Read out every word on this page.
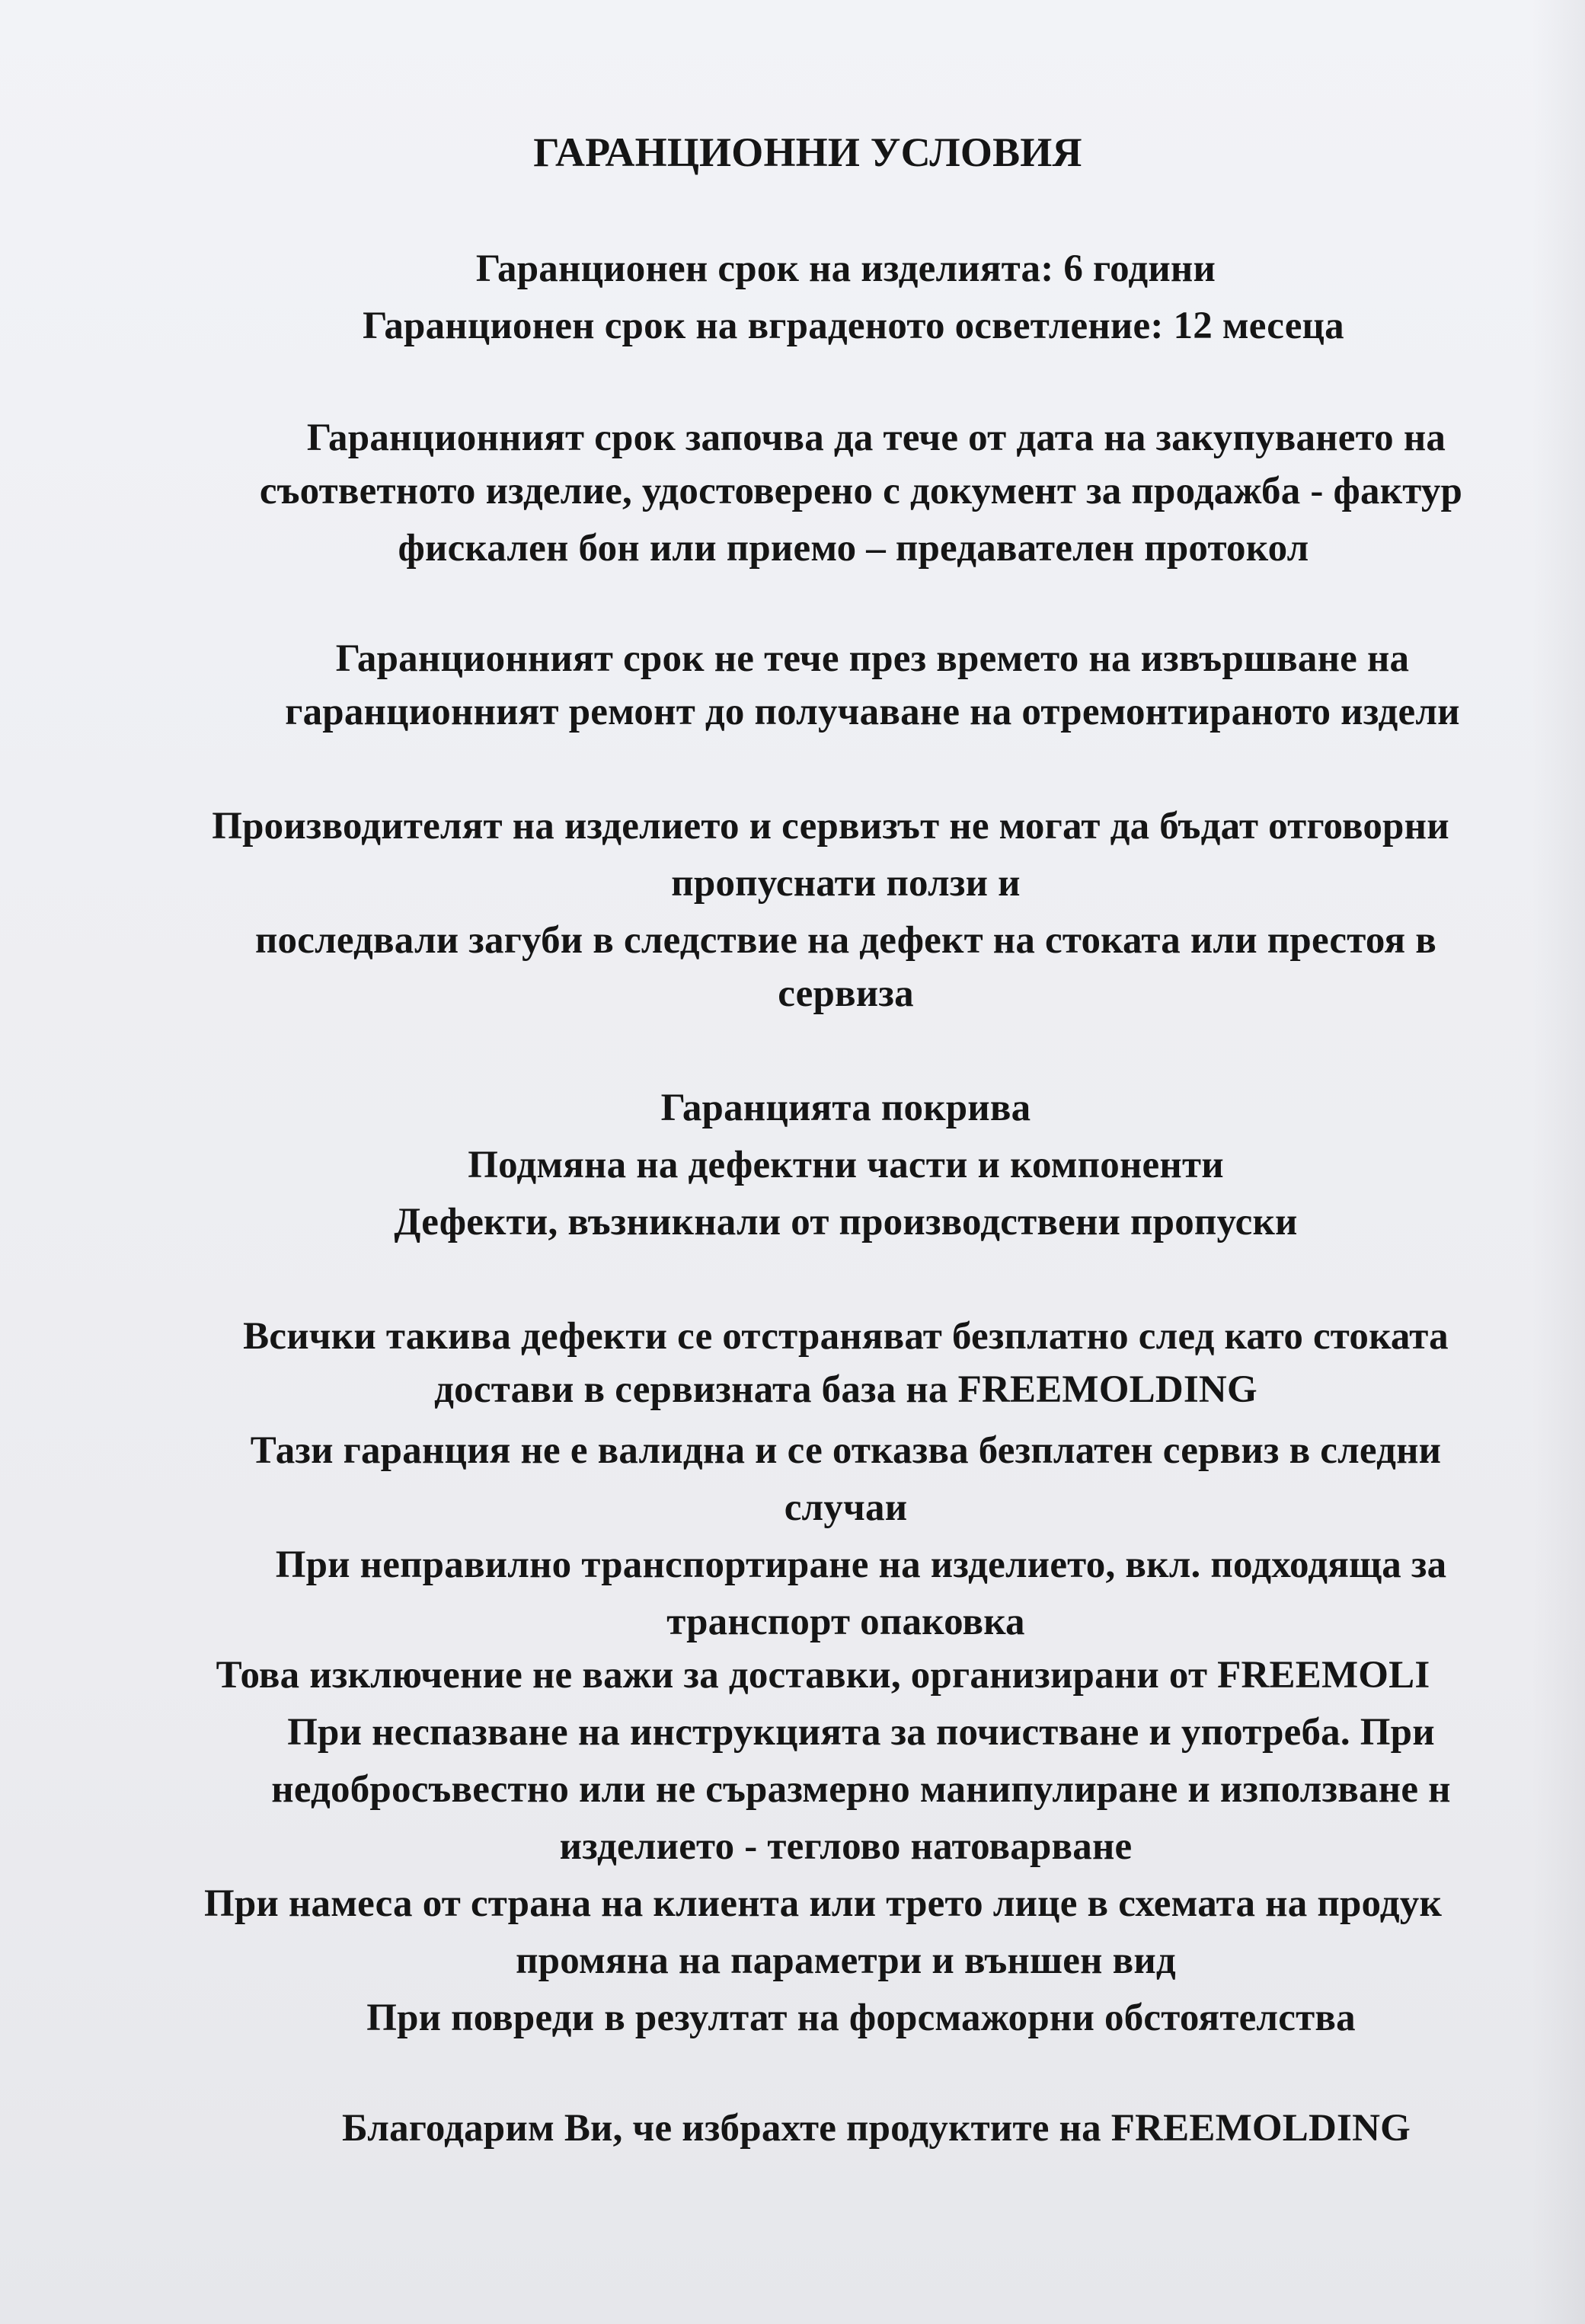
ГАРАНЦИОННИ УСЛОВИЯ
Гаранционен срок на изделията: 6 години
Гаранционен срок на вграденото осветление: 12 месеца
Гаранционният срок започва да тече от дата на закупуването на
съответното изделие, удостоверено с документ за продажба - фактур
фискален бон или приемо – предавателен протокол
Гаранционният срок не тече през времето на извършване на
гаранционният ремонт до получаване на отремонтираното издели
Производителят на изделието и сервизът не могат да бъдат отговорни
пропуснати ползи и
последвали загуби в следствие на дефект на стоката или престоя в
сервиза
Гаранцията покрива
Подмяна на дефектни части и компоненти
Дефекти, възникнали от производствени пропуски
Всички такива дефекти се отстраняват безплатно след като стоката
достави в сервизната база на FREEMOLDING
Тази гаранция не е валидна и се отказва безплатен сервиз в следни
случаи
При неправилно транспортиране на изделието, вкл. подходяща за
транспорт опаковка
Това изключение не важи за доставки, организирани от FREEMOLI
При неспазване на инструкцията за почистване и употреба. При
недобросъвестно или не съразмерно манипулиране и използване н
изделието - теглово натоварване
При намеса от страна на клиента или трето лице в схемата на продук
промяна на параметри и външен вид
При повреди в резултат на форсмажорни обстоятелства
Благодарим Ви, че избрахте продуктите на FREEMOLDING
